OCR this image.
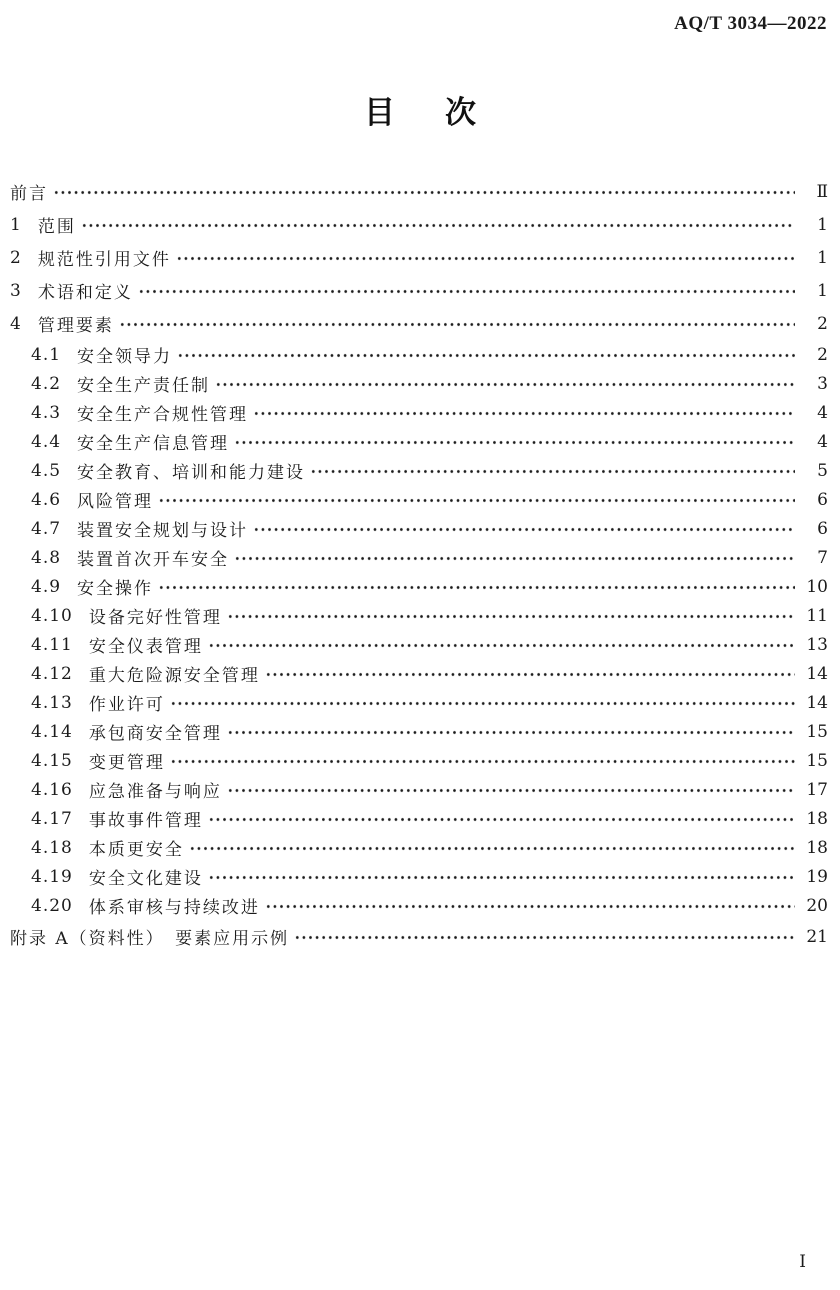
AQ/T 3034—2022
目次
前言	Ⅱ
1 范围	1
2 规范性引用文件	1
3 术语和定义	1
4 管理要素	2
4.1 安全领导力	2
4.2 安全生产责任制	3
4.3 安全生产合规性管理	4
4.4 安全生产信息管理	4
4.5 安全教育、培训和能力建设	5
4.6 风险管理	6
4.7 装置安全规划与设计	6
4.8 装置首次开车安全	7
4.9 安全操作	10
4.10 设备完好性管理	11
4.11 安全仪表管理	13
4.12 重大危险源安全管理	14
4.13 作业许可	14
4.14 承包商安全管理	15
4.15 变更管理	15
4.16 应急准备与响应	17
4.17 事故事件管理	18
4.18 本质更安全	18
4.19 安全文化建设	19
4.20 体系审核与持续改进	20
附录 A（资料性）　要素应用示例	21
Ⅰ
